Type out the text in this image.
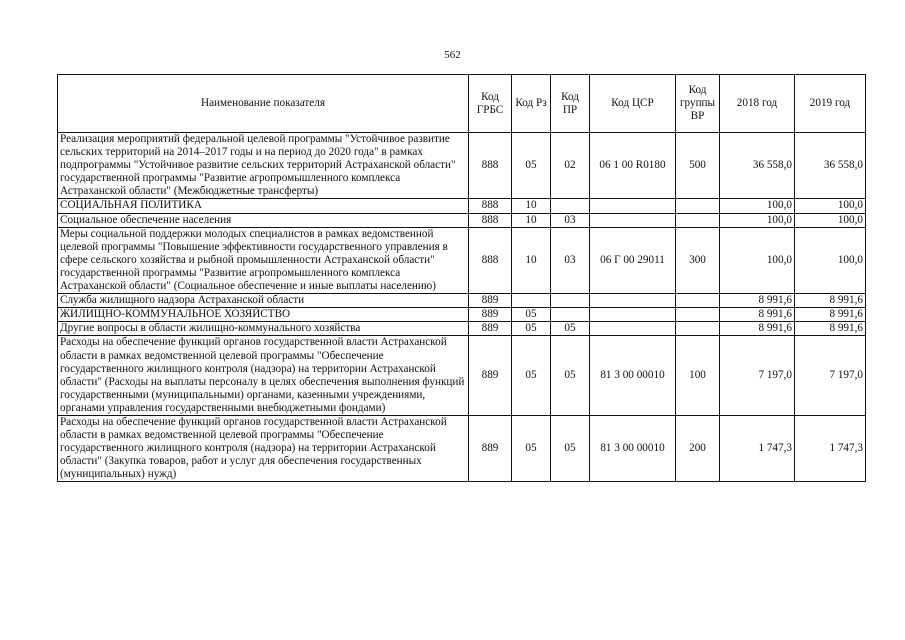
562
Наименование показателя	Код ГРБС	Код Рз	Код ПР	Код ЦСР	Код группы ВР	2018 год	2019 год
Реализация мероприятий федеральной целевой программы "Устойчивое развитие сельских территорий на 2014–2017 годы и на период до 2020 года" в рамках подпрограммы "Устойчивое развитие сельских территорий Астраханской области" государственной программы "Развитие агропромышленного комплекса Астраханской области" (Межбюджетные трансферты)	888	05	02	06 1 00 R0180	500	36 558,0	36 558,0
СОЦИАЛЬНАЯ ПОЛИТИКА	888	10				100,0	100,0
Социальное обеспечение населения	888	10	03			100,0	100,0
Меры социальной поддержки молодых специалистов в рамках ведомственной целевой программы "Повышение эффективности государственного управления в сфере сельского хозяйства и рыбной промышленности Астраханской области" государственной программы "Развитие агропромышленного комплекса Астраханской области" (Социальное обеспечение и иные выплаты населению)	888	10	03	06 Г 00 29011	300	100,0	100,0
Служба жилищного надзора Астраханской области	889					8 991,6	8 991,6
ЖИЛИЩНО-КОММУНАЛЬНОЕ ХОЗЯЙСТВО	889	05				8 991,6	8 991,6
Другие вопросы в области жилищно-коммунального хозяйства	889	05	05			8 991,6	8 991,6
Расходы на обеспечение функций органов государственной власти Астраханской области в рамках ведомственной целевой программы "Обеспечение государственного жилищного контроля (надзора) на территории Астраханской области" (Расходы на выплаты персоналу в целях обеспечения выполнения функций государственными (муниципальными) органами, казенными учреждениями, органами управления государственными внебюджетными фондами)	889	05	05	81 3 00 00010	100	7 197,0	7 197,0
Расходы на обеспечение функций органов государственной власти Астраханской области в рамках ведомственной целевой программы "Обеспечение государственного жилищного контроля (надзора) на территории Астраханской области" (Закупка товаров, работ и услуг для обеспечения государственных (муниципальных) нужд)	889	05	05	81 3 00 00010	200	1 747,3	1 747,3
